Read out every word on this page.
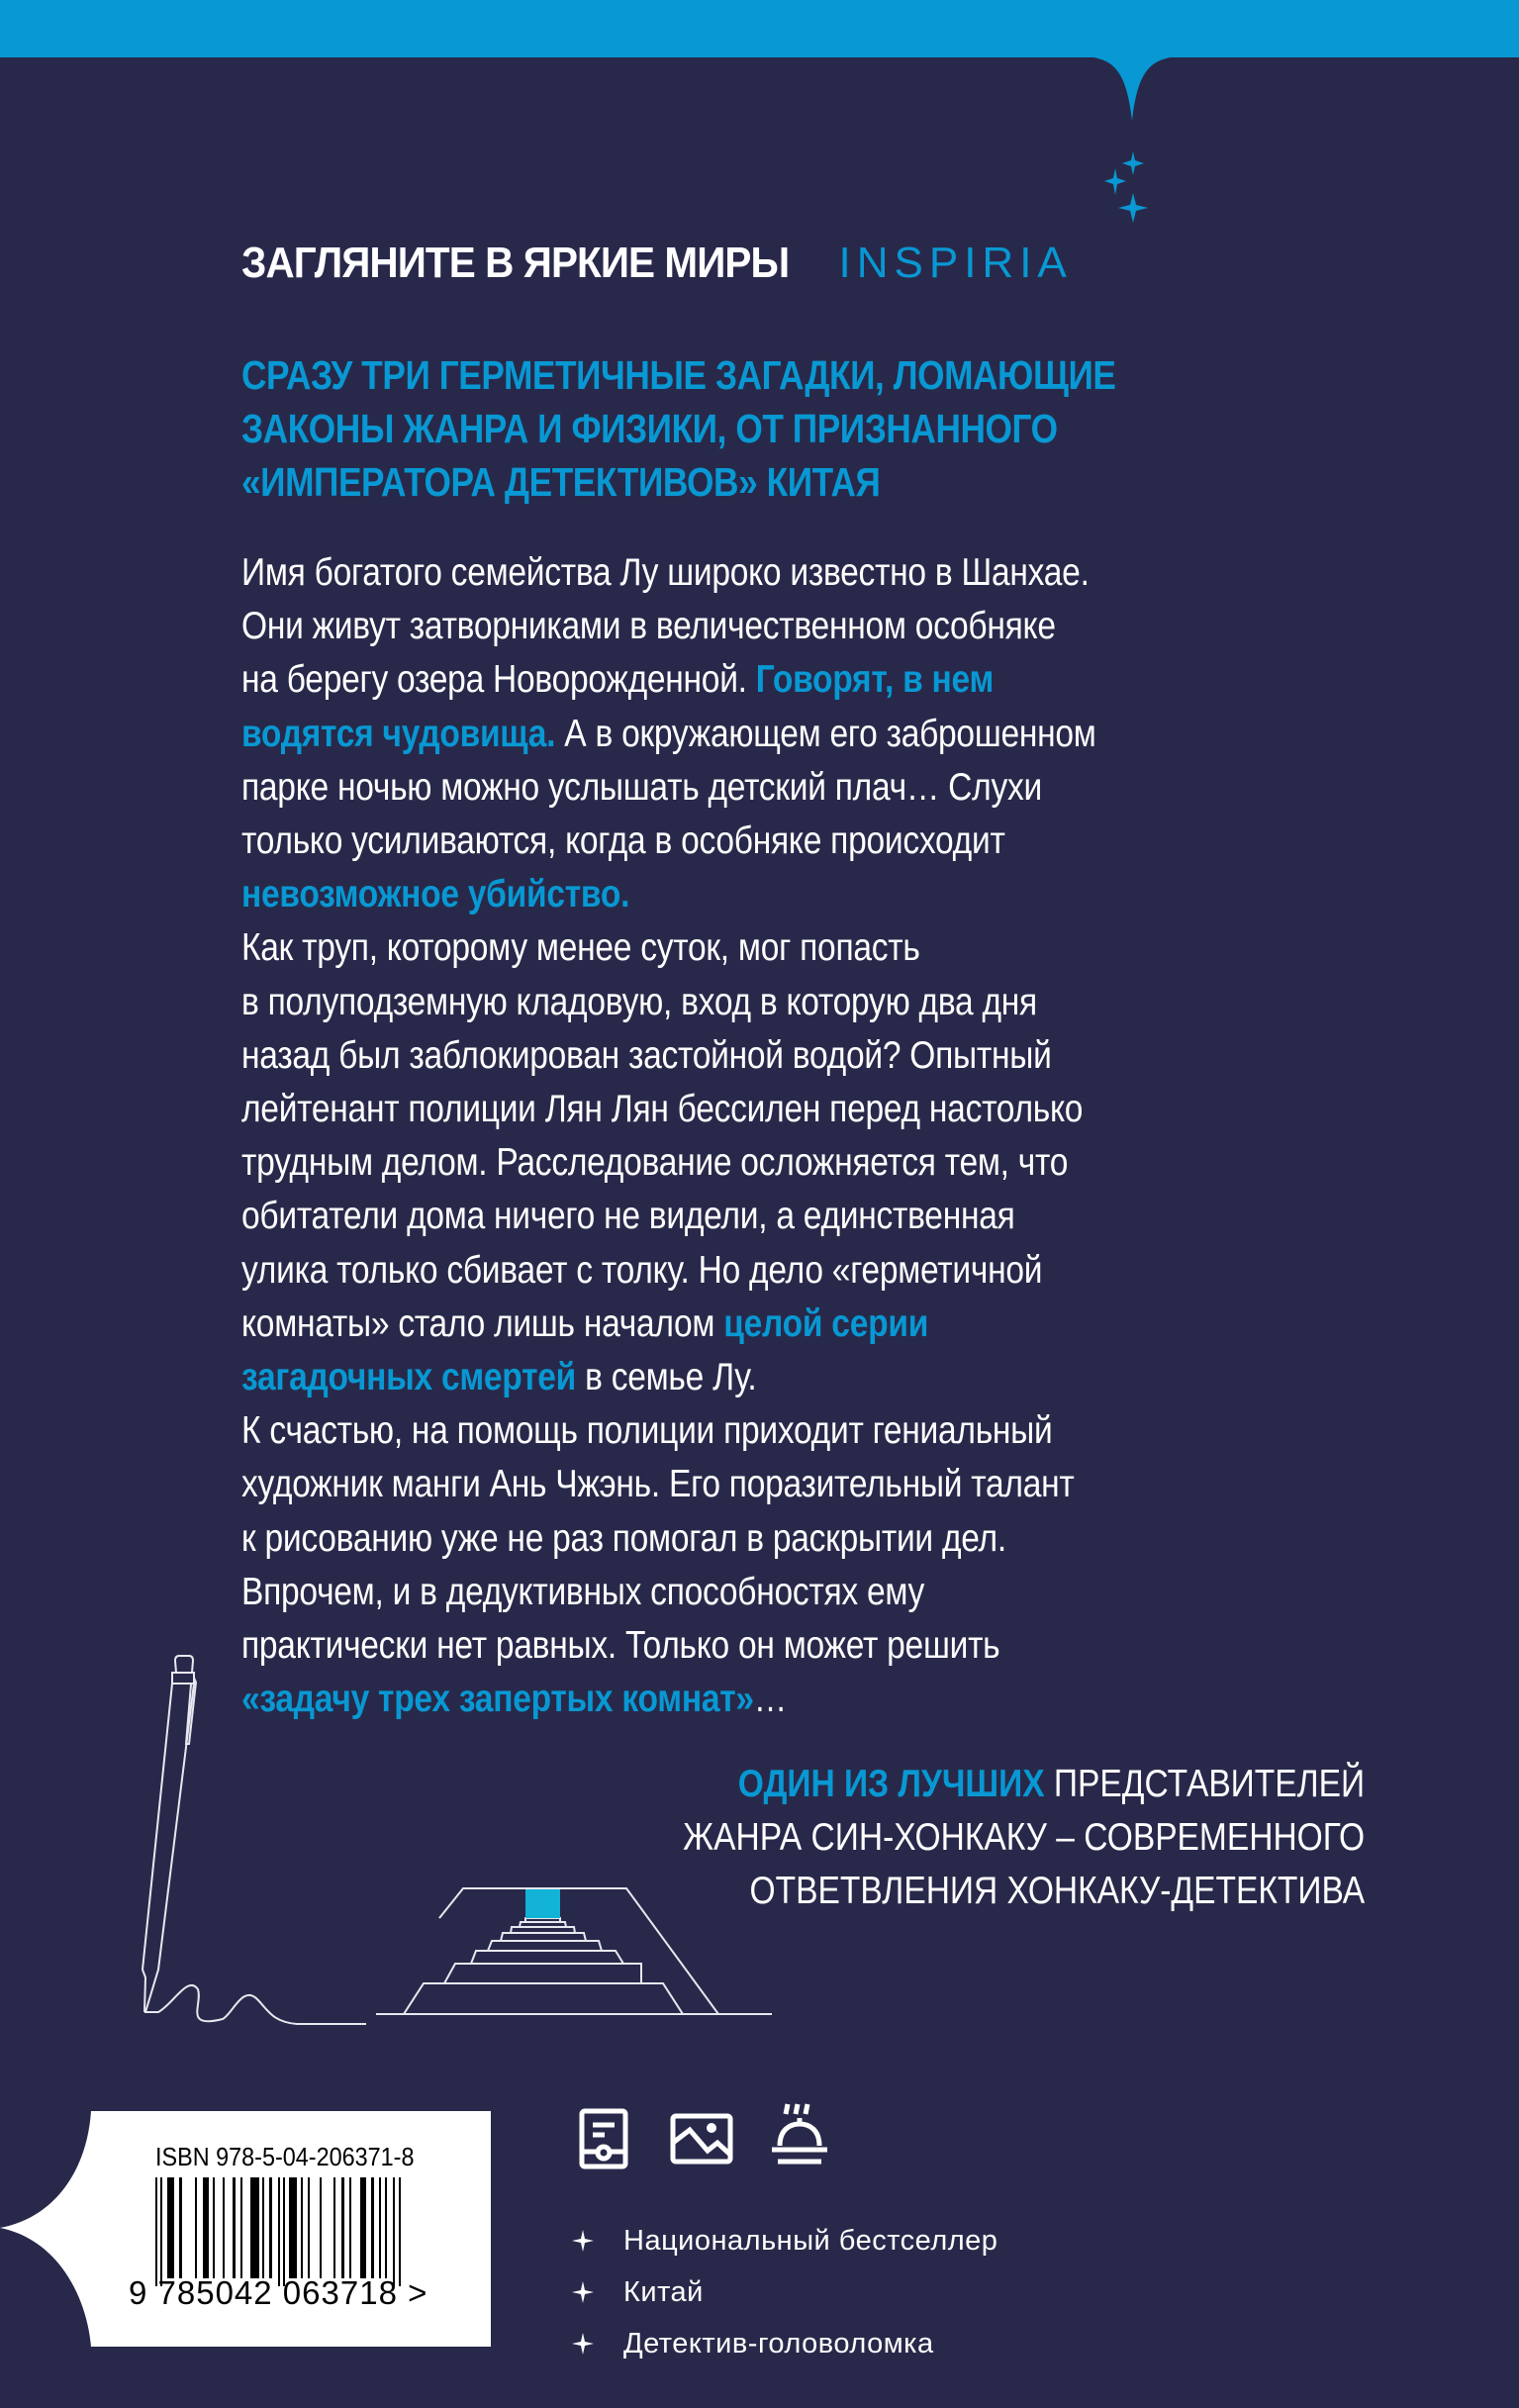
ЗАГЛЯНИТЕ В ЯРКИЕ МИРЫ INSPIRIA
СРАЗУ ТРИ ГЕРМЕТИЧНЫЕ ЗАГАДКИ, ЛОМАЮЩИЕ
ЗАКОНЫ ЖАНРА И ФИЗИКИ, ОТ ПРИЗНАННОГО
«ИМПЕРАТОРА ДЕТЕКТИВОВ» КИТАЯ
Имя богатого семейства Лу широко известно в Шанхае.
Они живут затворниками в величественном особняке
на берегу озера Новорожденной. Говорят, в нем
водятся чудовища. А в окружающем его заброшенном
парке ночью можно услышать детский плач… Слухи
только усиливаются, когда в особняке происходит
невозможное убийство.
Как труп, которому менее суток, мог попасть
в полуподземную кладовую, вход в которую два дня
назад был заблокирован застойной водой? Опытный
лейтенант полиции Лян Лян бессилен перед настолько
трудным делом. Расследование осложняется тем, что
обитатели дома ничего не видели, а единственная
улика только сбивает с толку. Но дело «герметичной
комнаты» стало лишь началом целой серии
загадочных смертей в семье Лу.
К счастью, на помощь полиции приходит гениальный
художник манги Ань Чжэнь. Его поразительный талант
к рисованию уже не раз помогал в раскрытии дел.
Впрочем, и в дедуктивных способностях ему
практически нет равных. Только он может решить
«задачу трех запертых комнат»…
ОДИН ИЗ ЛУЧШИХ ПРЕДСТАВИТЕЛЕЙ
ЖАНРА СИН-ХОНКАКУ – СОВРЕМЕННОГО
ОТВЕТВЛЕНИЯ ХОНКАКУ-ДЕТЕКТИВА
ISBN 978-5-04-206371-8
9 785042 063718 >
Национальный бестселлер
Китай
Детектив-головоломка
